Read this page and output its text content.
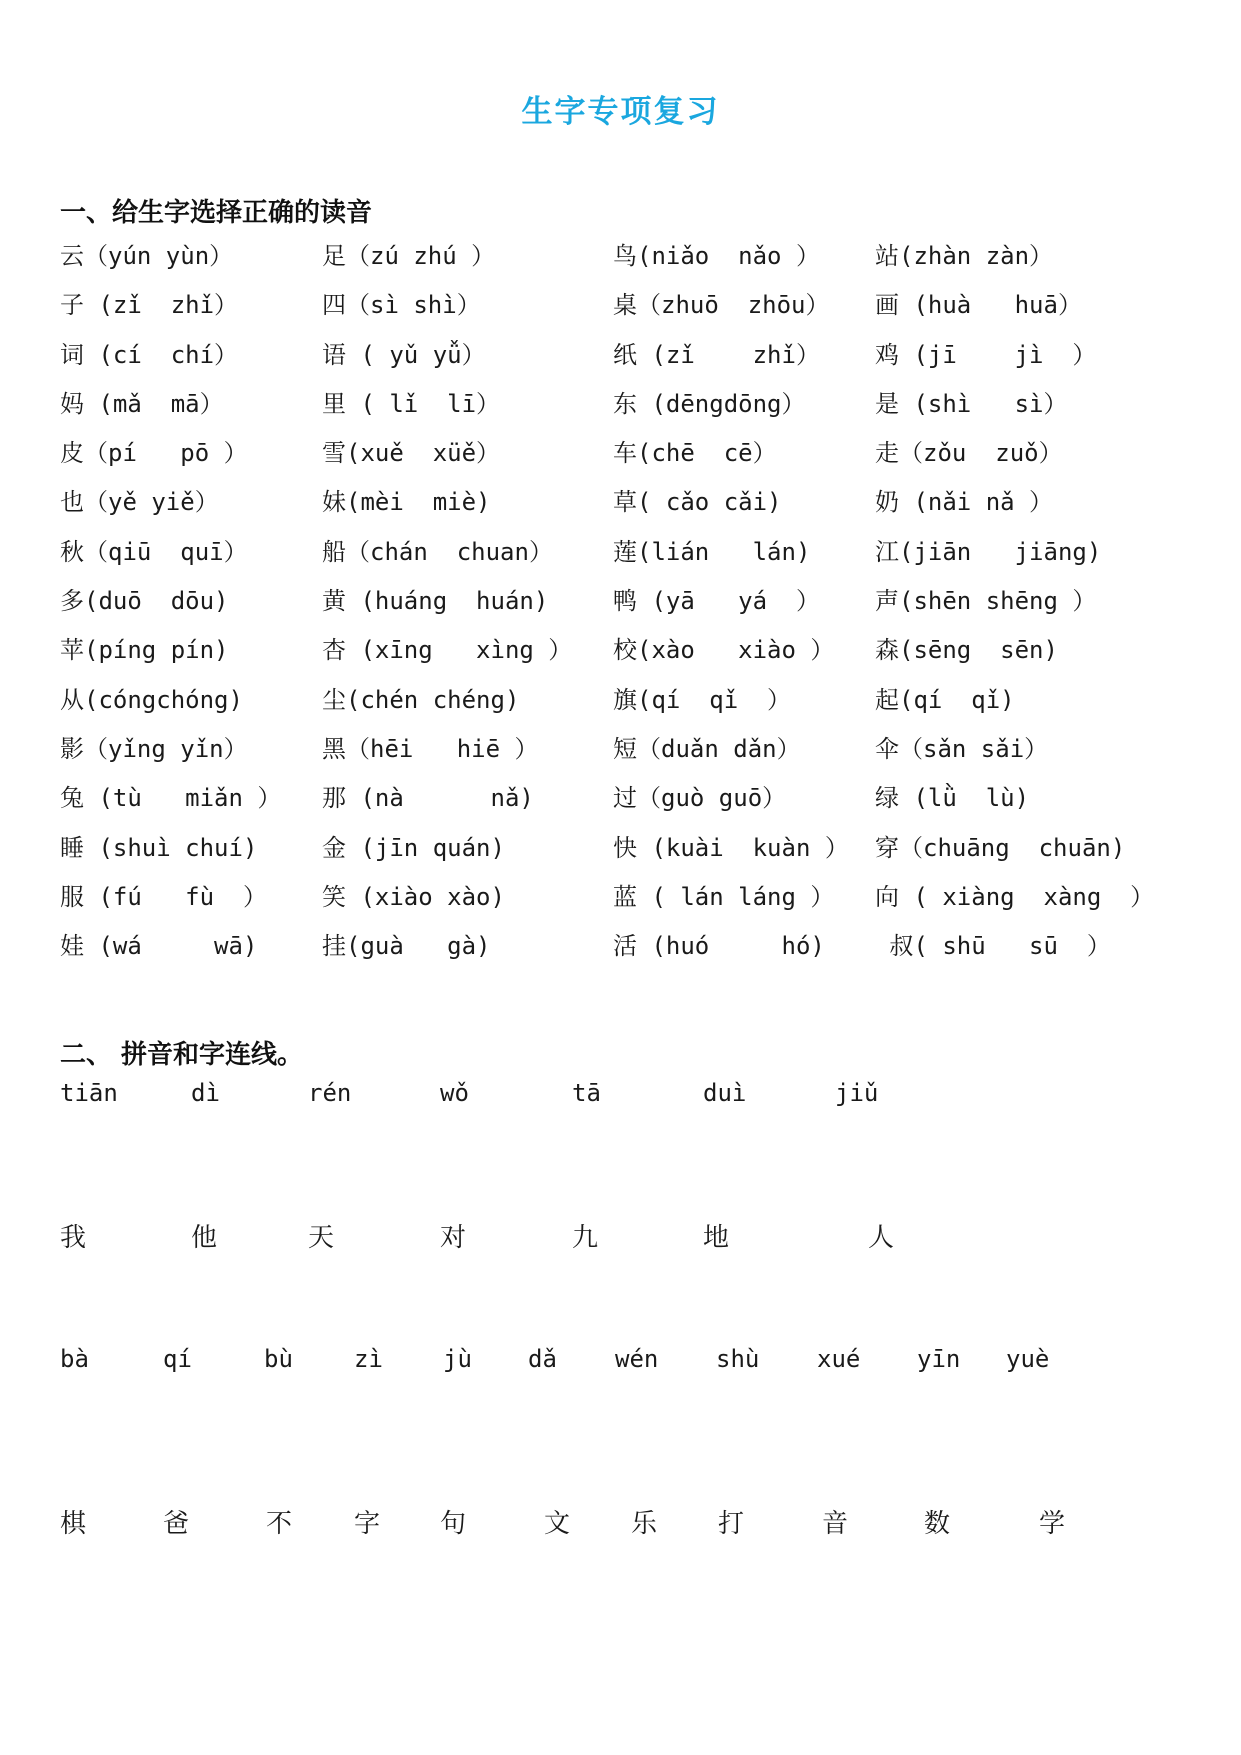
生字专项复习
一、给生字选择正确的读音
云（yún yùn）	足（zú zhú ）	鸟(niǎo  nǎo ） 站(zhàn zàn）
子 (zǐ  zhǐ）	四（sì shì）	桌（zhuō  zhōu） 画 (huà   huā）
词 (cí  chí）	语 ( yǔ yǚ）	纸 (zǐ    zhǐ） 鸡 (jī    jì  ）
妈 (mǎ  mā）	里 ( lǐ  lī）	东 (dēngdōng）	是 (shì   sì）
皮（pí   pō ）	雪(xuě  xüě）	车(chē  cē）	走（zǒu  zuǒ）
也（yě yiě）	妹(mèi  miè)	草( cǎo cǎi)	奶 (nǎi nǎ ）
秋（qiū  quī）	船（chán  chuan）	莲(lián   lán)	江(jiān   jiāng)
多(duō  dōu)	黄 (huáng  huán)	鸭 (yā   yá  ） 声(shēn shēng ）
苹(píng pín)	杏 (xīng   xìng ） 校(xào   xiào ） 森(sēng  sēn)
从(cóngchóng)	尘(chén chéng)	旗(qí  qǐ  ）	起(qí  qǐ)
影（yǐng yǐn）	黑（hēi   hiē ）	短（duǎn dǎn）	伞（sǎn sǎi）
兔 (tù   miǎn ） 那 (nà      nǎ)	过（guò guō）	绿 (lǜ  lù)
睡 (shuì chuí)	金 (jīn quán)	快 (kuài  kuàn ） 穿（chuāng  chuān)
服 (fú   fù  ） 笑 (xiào xào)	蓝 ( lán láng ） 向 ( xiàng  xàng  ）
娃 (wá     wā)	挂(guà   gà)	活 (huó     hó) 叔( shū   sū  ）
二、 拼音和字连线。
tiān	dì	rén	wǒ	tā	duì	jiǔ
我	他	天	对	九	地	人
bà	qí	bù	zì	jù dǎ wén shù xué yīn yuè
棋	爸	不 字 句	文 乐 打	音	数	学
